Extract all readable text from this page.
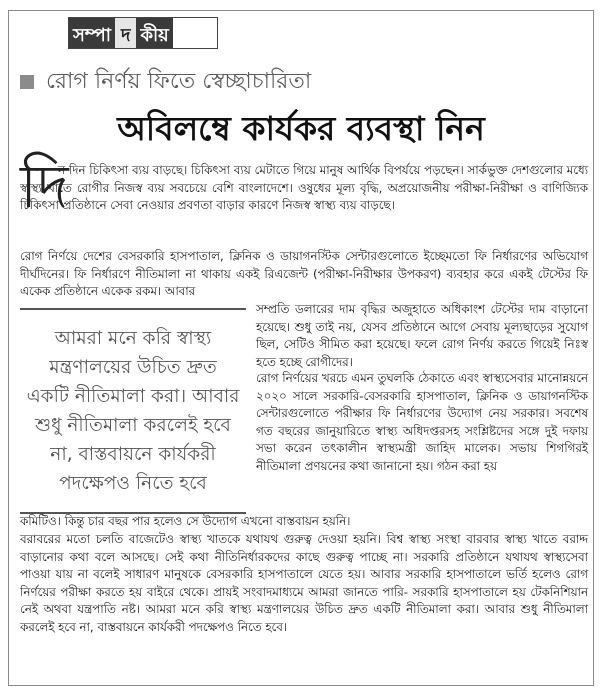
সম্পা দ কীয়
রোগ নির্ণয় ফিতে স্বেচ্ছাচারিতা
অবিলম্বে কার্যকর ব্যবস্থা নিন
দি
ন দিন চিকিৎসা ব্যয় বাড়ছে। চিকিৎসা ব্যয় মেটাতে গিয়ে মানুষ আর্থিক বিপর্যয়ে পড়ছেন। সার্কভুক্ত দেশগুলোর মধ্যে স্বাস্থ্য খাতে রোগীর নিজস্ব ব্যয় সবচেয়ে বেশি বাংলাদেশে। ওষুধের মূল্য বৃদ্ধি, অপ্রয়োজনীয় পরীক্ষা-নিরীক্ষা ও বাণিজ্যিক চিকিৎসা প্রতিষ্ঠানে সেবা নেওয়ার প্রবণতা বাড়ার কারণে নিজস্ব স্বাস্থ্য ব্যয় বাড়ছে।
রোগ নির্ণয়ে দেশের বেসরকারি হাসপাতাল, ক্লিনিক ও ডায়াগনস্টিক সেন্টারগুলোতে ইচ্ছেমতো ফি নির্ধারণের অভিযোগ দীর্ঘদিনের। ফি নির্ধারণে নীতিমালা না থাকায় একই রিএজেন্ট (পরীক্ষা-নিরীক্ষার উপকরণ) ব্যবহার করে একই টেস্টের ফি একেক প্রতিষ্ঠানে একেক রকম। আবার
আমরা মনে করি স্বাস্থ্য মন্ত্রণালয়ের উচিত দ্রুত একটি নীতিমালা করা। আবার শুধু নীতিমালা করলেই হবে না, বাস্তবায়নে কার্যকরী পদক্ষেপও নিতে হবে
সম্প্রতি ডলারের দাম বৃদ্ধির অজুহাতে অধিকাংশ টেস্টের দাম বাড়ানো হয়েছে। শুধু তাই নয়, যেসব প্রতিষ্ঠানে আগে সেবায় মূল্যছাড়ের সুযোগ ছিল, সেটিও সীমিত করা হয়েছে। ফলে রোগ নির্ণয় করতে গিয়েই নিঃস্ব হতে হচ্ছে রোগীদের।
রোগ নির্ণয়ের খরচে এমন তুঘলকি ঠেকাতে এবং স্বাস্থ্যসেবার মানোন্নয়নে ২০২০ সালে সরকারি-বেসরকারি হাসপাতাল, ক্লিনিক ও ডায়াগনস্টিক সেন্টারগুলোতে পরীক্ষার ফি নির্ধারণের উদ্যোগ নেয় সরকার। সবশেষ গত বছরের জানুয়ারিতে স্বাস্থ্য অধিদপ্তরসহ সংশ্লিষ্টদের সঙ্গে দুই দফায় সভা করেন তৎকালীন স্বাস্থ্যমন্ত্রী জাহিদ মালেক। সভায় শিগগিরই নীতিমালা প্রণয়নের কথা জানানো হয়। গঠন করা হয়
কমিটিও। কিন্তু চার বছর পার হলেও সে উদ্যোগ এখনো বাস্তবায়ন হয়নি।
বরাবরের মতো চলতি বাজেটেও স্বাস্থ্য খাতকে যথাযথ গুরুত্ব দেওয়া হয়নি। বিশ্ব স্বাস্থ্য সংস্থা বারবার স্বাস্থ্য খাতে বরাদ্দ বাড়ানোর কথা বলে আসছে। সেই কথা নীতিনির্ধারকদের কাছে গুরুত্ব পাচ্ছে না। সরকারি প্রতিষ্ঠানে যথাযথ স্বাস্থ্যসেবা পাওয়া যায় না বলেই সাধারণ মানুষকে বেসরকারি হাসপাতালে যেতে হয়। আবার সরকারি হাসপাতালে ভর্তি হলেও রোগ নির্ণয়ের পরীক্ষা করতে হয় বাইরে থেকে। প্রায়ই সংবাদমাধ্যমে আমরা জানতে পারি- সরকারি হাসপাতালে হয় টেকনিশিয়ান নেই অথবা যন্ত্রপাতি নষ্ট। আমরা মনে করি স্বাস্থ্য মন্ত্রণালয়ের উচিত দ্রুত একটি নীতিমালা করা। আবার শুধু নীতিমালা করলেই হবে না, বাস্তবায়নে কার্যকরী পদক্ষেপও নিতে হবে।
